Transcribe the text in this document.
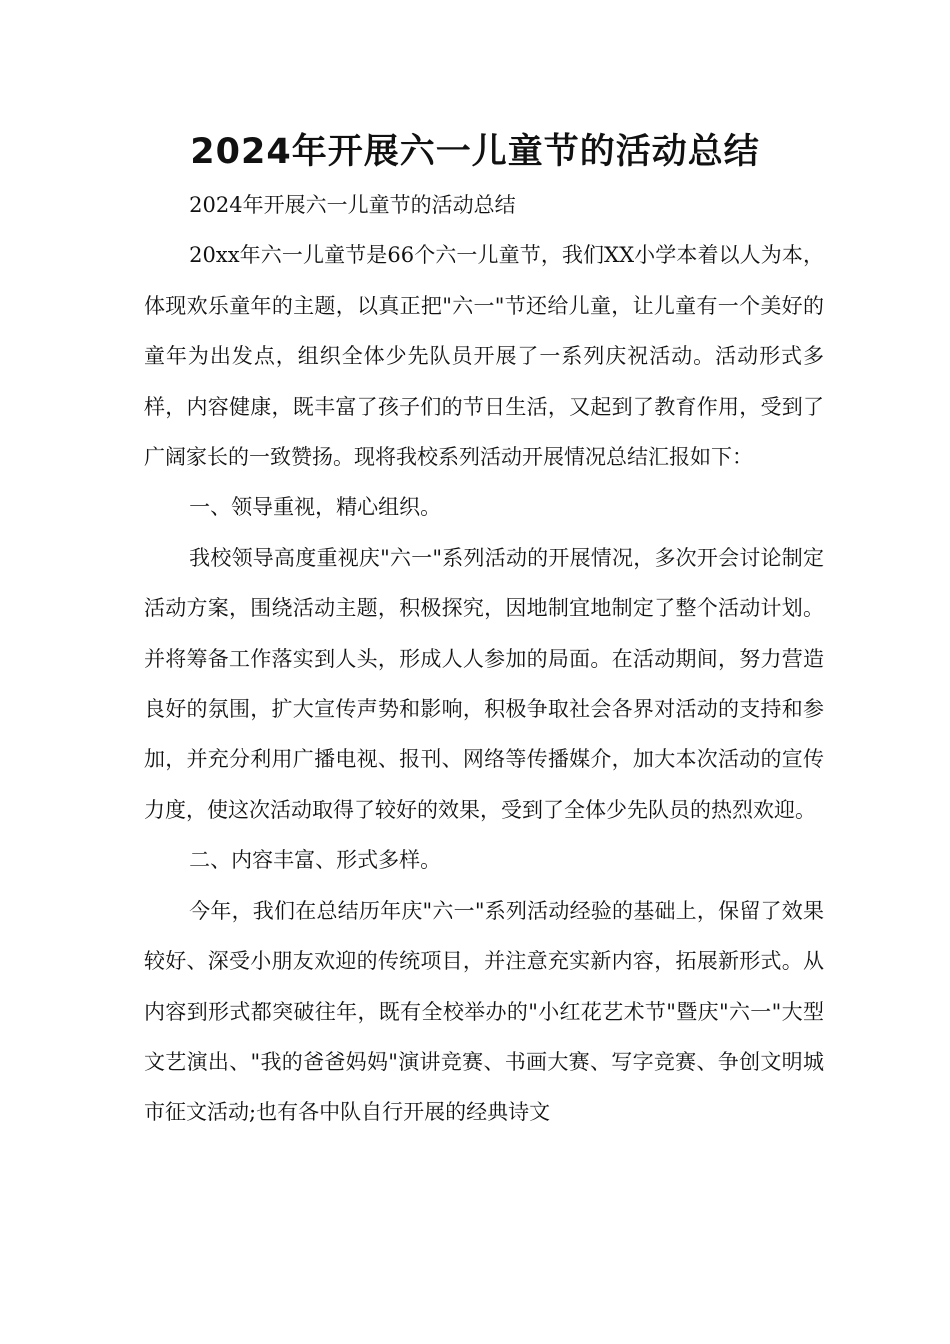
2024年开展六一儿童节的活动总结

2024年开展六一儿童节的活动总结

20xx年六一儿童节是66个六一儿童节，我们XX小学本着以人为本，体现欢乐童年的主题，以真正把"六一"节还给儿童，让儿童有一个美好的童年为出发点，组织全体少先队员开展了一系列庆祝活动。活动形式多样，内容健康，既丰富了孩子们的节日生活，又起到了教育作用，受到了广阔家长的一致赞扬。现将我校系列活动开展情况总结汇报如下：

一、领导重视，精心组织。

我校领导高度重视庆"六一"系列活动的开展情况，多次开会讨论制定活动方案，围绕活动主题，积极探究，因地制宜地制定了整个活动计划。并将筹备工作落实到人头，形成人人参加的局面。在活动期间，努力营造良好的氛围，扩大宣传声势和影响，积极争取社会各界对活动的支持和参加，并充分利用广播电视、报刊、网络等传播媒介，加大本次活动的宣传力度，使这次活动取得了较好的效果，受到了全体少先队员的热烈欢迎。

二、内容丰富、形式多样。

今年，我们在总结历年庆"六一"系列活动经验的基础上，保留了效果较好、深受小朋友欢迎的传统项目，并注意充实新内容，拓展新形式。从内容到形式都突破往年，既有全校举办的"小红花艺术节"暨庆"六一"大型文艺演出、"我的爸爸妈妈"演讲竞赛、书画大赛、写字竞赛、争创文明城市征文活动;也有各中队自行开展的经典诗文
